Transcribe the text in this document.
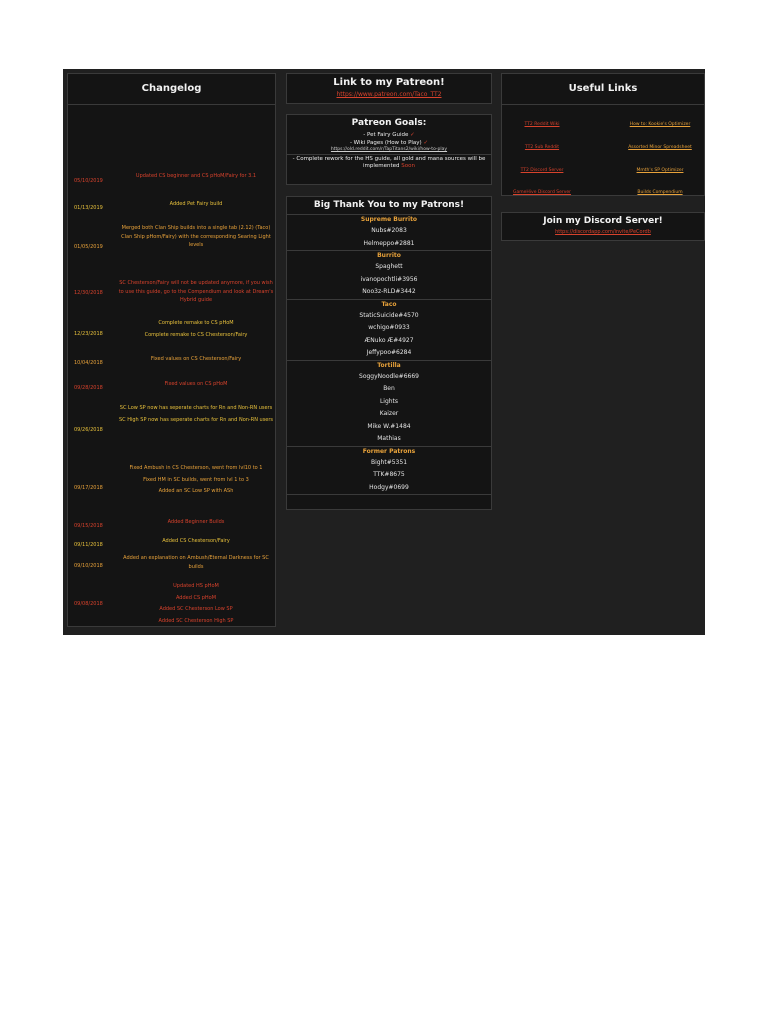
Changelog
05/10/2019
Updated CS beginner and CS pHoM/Fairy for 3.1
01/13/2019
Added Pet Fairy build
01/05/2019
Merged both Clan Ship builds into a single tab (2.12) (Taco) Clan Ship pHom/Fairy) with the corresponding Searing Light levels
12/30/2018
SC Chesterson/Fairy will not be updated anymore, if you wish to use this guide, go to the Compendium and look at Dream's Hybrid guide
12/23/2018
Complete remake to CS pHoM
Complete remake to CS Chesterson/Fairy
10/04/2018
Fixed values on CS Chesterson/Fairy
09/28/2018
Fixed values on CS pHoM
09/26/2018
SC Low SP now has seperate charts for Rn and Non-RN users
SC High SP now has seperate charts for Rn and Non-RN users
09/17/2018
Fixed Ambush in CS Chesterson, went from lvl10 to 1
Fixed HM in SC builds, went from lvl 1 to 3
Added an SC Low SP with ASh
09/15/2018
Added Beginner Builds
09/11/2018
Added CS Chesterson/Fairy
09/10/2018
Added an explanation on Ambush/Eternal Darkness for SC builds
09/08/2018
Updated HS pHoM
Added CS pHoM
Added SC Chesterson Low SP
Added SC Chesterson High SP
Link to my Patreon!
https://www.patreon.com/Taco_TT2
Patreon Goals:
- Pet Fairy Guide ✓
- Wiki Pages (How to Play) ✓
https://old.reddit.com/r/TapTitans2/wiki/how-to-play
- Complete rework for the HS guide, all gold and mana sources will be implemented Soon
Big Thank You to my Patrons!
Supreme Burrito
Nubs#2083
Helmeppo#2881
Burrito
Spaghett
ivanopochtli#3956
Noo3z-RLD#3442
Taco
StaticSuicide#4570
wchigo#0933
ÆNuko Æ#4927
Jeffypoo#6284
Tortilla
SoggyNoodle#6669
Ben
Lights
Kaizer
Mike W.#1484
Mathias
Former Patrons
Bight#5351
TTK#8675
Hodgy#0699
Useful Links
TT2 Reddit Wiki
TT2 Sub Reddit
TT2 Discord Server
GameHive Discord Server
How to: Kookie's Optimizer
Assorted Minor Spreadsheet
Mmth's SP Optimizer
Builds Compendium
Join my Discord Server!
https://discordapp.com/invite/PeCordb
